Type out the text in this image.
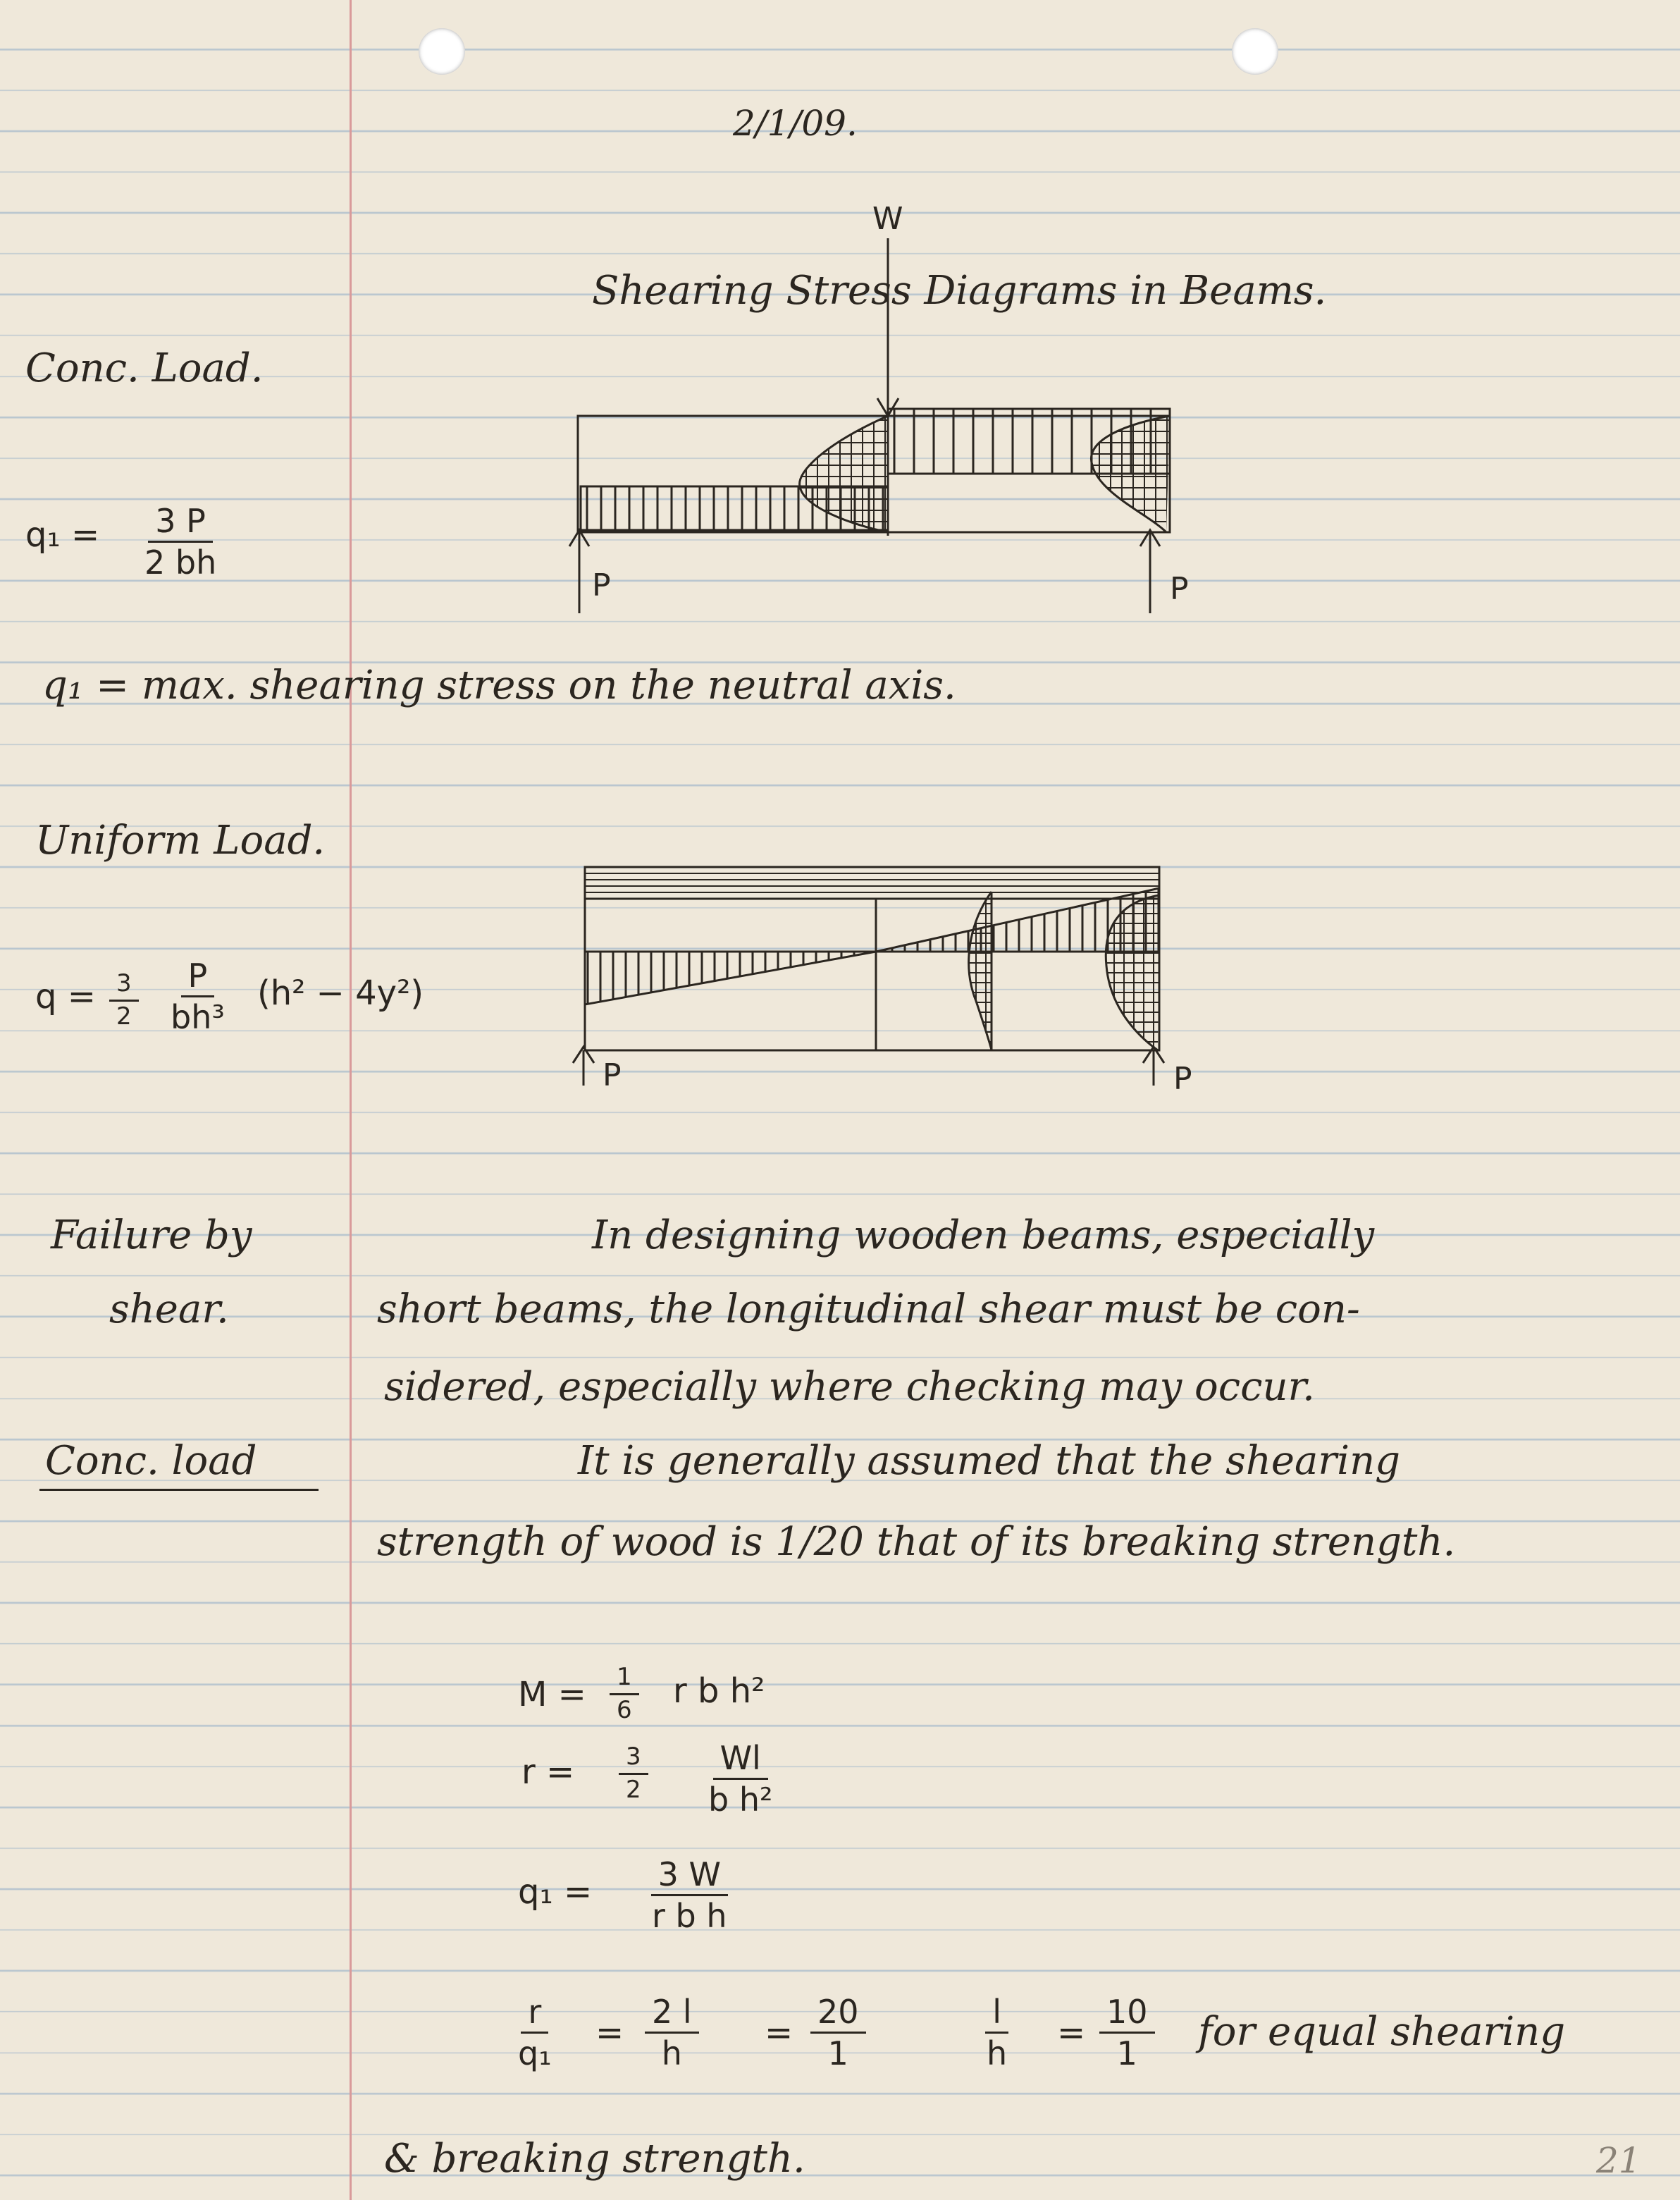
2/1/09.
Shearing Stress Diagrams in Beams.
Conc. Load.
$q_1 = \frac{3 P}{2 bh}$
W
P	P
q₁ = max. shearing stress on the neutral axis.
Uniform Load.
$q = \frac{3}{2} \frac{P}{\text{bh³}} (h^2 - 4y^2)$
P	P
Failure by
shear.
In designing wooden beams, especially
short beams, the longitudinal shear must be con-
sidered, especially where checking may occur.
Conc. load	It is generally assumed that the shearing
strength of wood is 1/20 that of its breaking strength.
$M = \frac{1}{6}$ r b h²
$r = \frac{3}{2} \frac{Wl}{\text{b h²}}$
$q_1 = \frac{3 W}{\text{r b h}}$
$\frac{r}{\text{q₁}} = \frac{2 l}{h} = \frac{20}{1}$	$\frac{l}{h} = \frac{10}{1}$ for equal shearing
& breaking strength.	21
